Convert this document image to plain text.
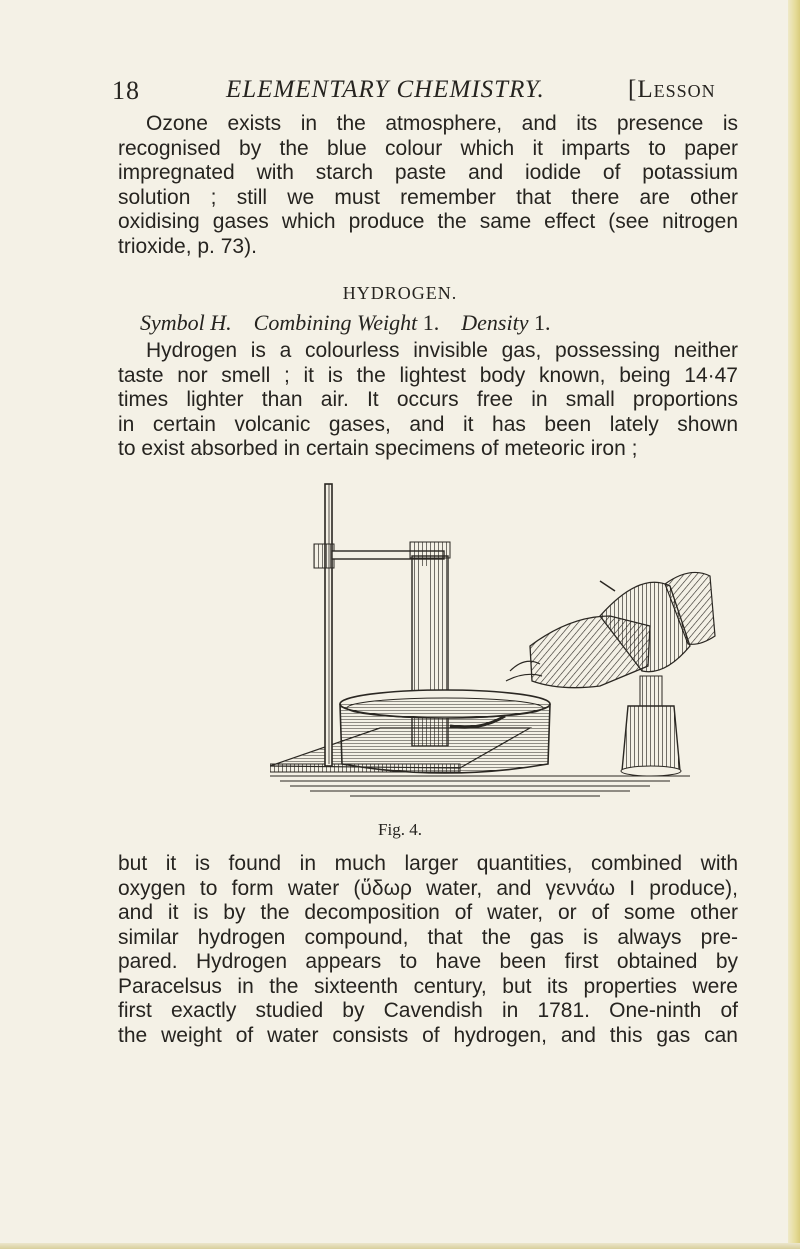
18	ELEMENTARY CHEMISTRY.	[Lesson
Ozone exists in the atmosphere, and its presence is
recognised by the blue colour which it imparts to paper
impregnated with starch paste and iodide of potassium
solution ; still we must remember that there are other
oxidising gases which produce the same effect (see nitrogen
trioxide, p. 73).
HYDROGEN.
Symbol H. Combining Weight 1. Density 1.
Hydrogen is a colourless invisible gas, possessing neither
taste nor smell ; it is the lightest body known, being 14·47
times lighter than air. It occurs free in small proportions
in certain volcanic gases, and it has been lately shown
to exist absorbed in certain specimens of meteoric iron ;
Fig. 4.
but it is found in much larger quantities, combined with
oxygen to form water (ὕδωρ water, and γεννάω I produce),
and it is by the decomposition of water, or of some other
similar hydrogen compound, that the gas is always pre-
pared. Hydrogen appears to have been first obtained by
Paracelsus in the sixteenth century, but its properties were
first exactly studied by Cavendish in 1781. One-ninth of
the weight of water consists of hydrogen, and this gas can
